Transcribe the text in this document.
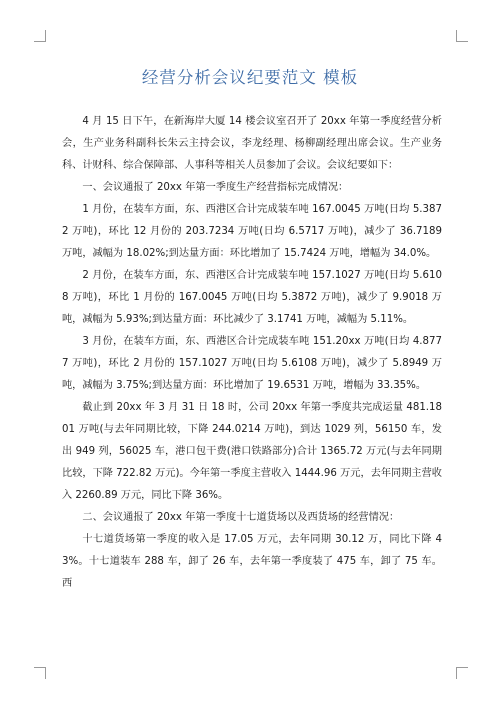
经营分析会议纪要范文 模板

4 月 15 日下午，在新海岸大厦 14 楼会议室召开了 20xx 年第一季度经营分析会，生产业务科副科长朱云主持会议，李龙经理、杨柳副经理出席会议。生产业务科、计财科、综合保障部、人事科等相关人员参加了会议。会议纪要如下：

一、会议通报了 20xx 年第一季度生产经营指标完成情况：

1 月份，在装车方面，东、西港区合计完成装车吨 167.0045 万吨(日均 5.3872 万吨)，环比 12 月份的 203.7234 万吨(日均 6.5717 万吨)，减少了 36.7189 万吨，减幅为 18.02%;到达量方面：环比增加了 15.7424 万吨，增幅为 34.0%。

2 月份，在装车方面，东、西港区合计完成装车吨 157.1027 万吨(日均 5.6108 万吨)，环比 1 月份的 167.0045 万吨(日均 5.3872 万吨)，减少了 9.9018 万吨，减幅为 5.93%;到达量方面：环比减少了 3.1741 万吨，减幅为 5.11%。

3 月份，在装车方面，东、西港区合计完成装车吨 151.20xx 万吨(日均 4.8777 万吨)，环比 2 月份的 157.1027 万吨(日均 5.6108 万吨)，减少了 5.8949 万吨，减幅为 3.75%;到达量方面：环比增加了 19.6531 万吨，增幅为 33.35%。

截止到 20xx 年 3 月 31 日 18 时，公司 20xx 年第一季度共完成运量 481.1801 万吨(与去年同期比较，下降 244.0214 万吨)，到达 1029 列，56150 车，发出 949 列，56025 车，港口包干费(港口铁路部分)合计 1365.72 万元(与去年同期比较，下降 722.82 万元)。今年第一季度主营收入 1444.96 万元，去年同期主营收入 2260.89 万元，同比下降 36%。

二、会议通报了 20xx 年第一季度十七道货场以及西货场的经营情况：

十七道货场第一季度的收入是 17.05 万元，去年同期 30.12 万，同比下降 43%。十七道装车 288 车，卸了 26 车，去年第一季度装了 475 车，卸了 75 车。西
